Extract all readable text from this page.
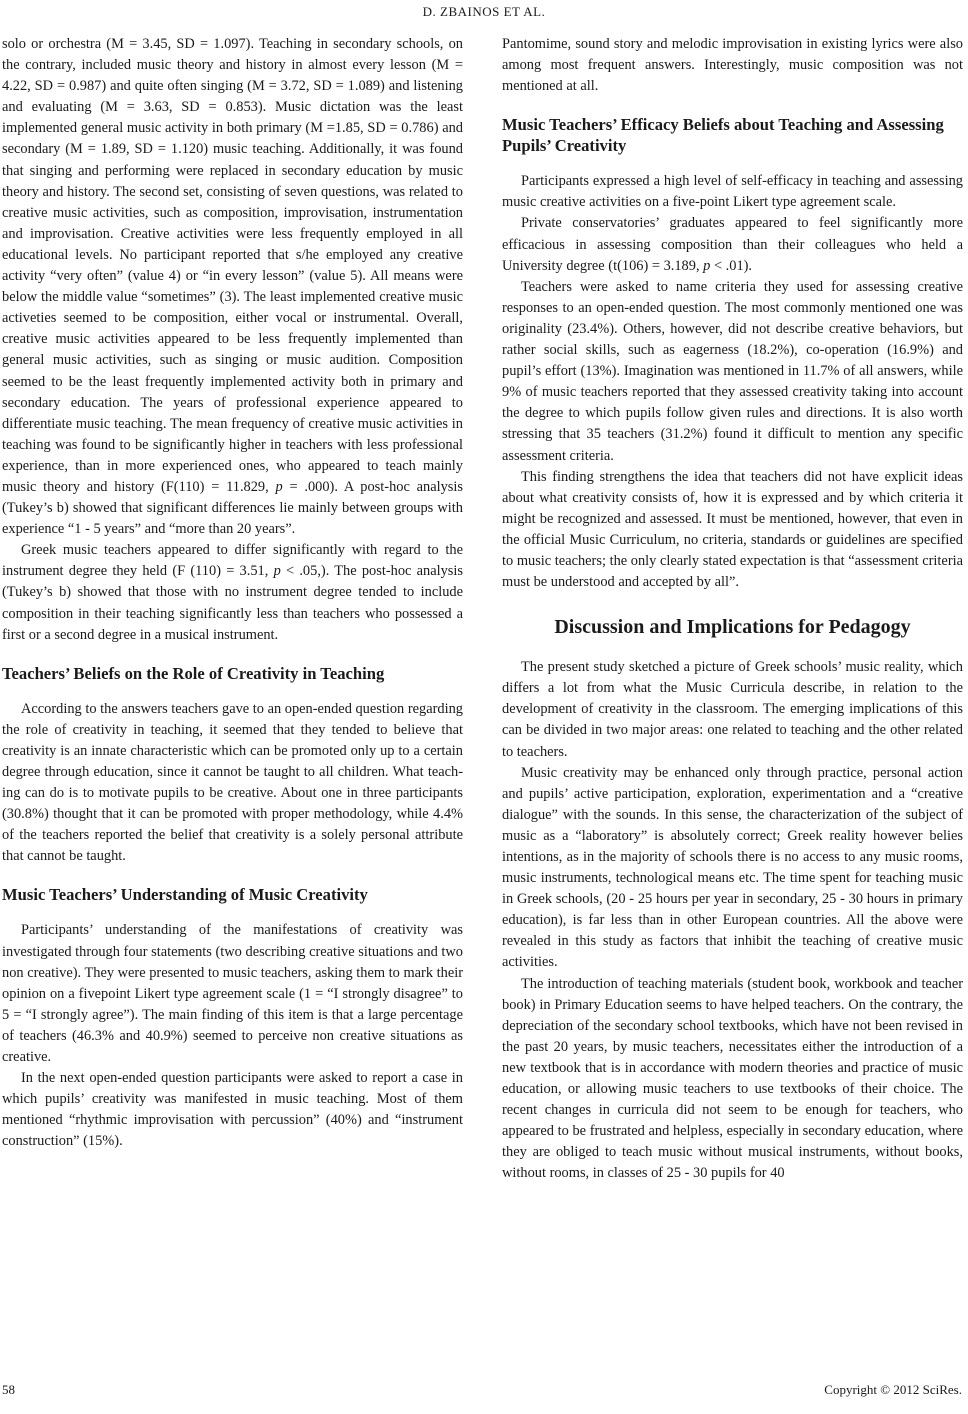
D. ZBAINOS ET AL.

solo or orchestra (M = 3.45, SD = 1.097). Teaching in secondary schools, on the contrary, included music theory and history in almost every lesson (M = 4.22, SD = 0.987) and quite often singing (M = 3.72, SD = 1.089) and listening and evaluating (M = 3.63, SD = 0.853). Music dictation was the least implemented general music activity in both primary (M =1.85, SD = 0.786) and secondary (M = 1.89, SD = 1.120) music teaching. Additionally, it was found that singing and performing were replaced in secondary education by music theory and history. The second set, consisting of seven questions, was related to creative music activities, such as composition, improvisation, instrumentation and improvisation. Creative activities were less frequently employed in all educational levels. No participant reported that s/he employed any creative activity “very often” (value 4) or “in every lesson” (value 5). All means were below the middle value “sometimes” (3). The least implemented creative music activeties seemed to be composition, either vocal or instrumental. Overall, creative music activities appeared to be less frequently implemented than general music activities, such as singing or music audition. Composition seemed to be the least frequently implemented activity both in primary and secondary education. The years of professional experience appeared to differentiate music teaching. The mean frequency of creative music activities in teaching was found to be significantly higher in teachers with less professional experience, than in more experienced ones, who appeared to teach mainly music theory and history (F(110) = 11.829, p = .000). A post-hoc analysis (Tukey’s b) showed that significant differences lie mainly between groups with experience “1 - 5 years” and “more than 20 years”.

Greek music teachers appeared to differ significantly with regard to the instrument degree they held (F (110) = 3.51, p < .05,). The post-hoc analysis (Tukey’s b) showed that those with no instrument degree tended to include composition in their teaching significantly less than teachers who possessed a first or a second degree in a musical instrument.

Teachers’ Beliefs on the Role of Creativity in Teaching

According to the answers teachers gave to an open-ended question regarding the role of creativity in teaching, it seemed that they tended to believe that creativity is an innate characteristic which can be promoted only up to a certain degree through education, since it cannot be taught to all children. What teaching can do is to motivate pupils to be creative. About one in three participants (30.8%) thought that it can be promoted with proper methodology, while 4.4% of the teachers reported the belief that creativity is a solely personal attribute that cannot be taught.

Music Teachers’ Understanding of Music Creativity

Participants’ understanding of the manifestations of creativity was investigated through four statements (two describing creative situations and two non creative). They were presented to music teachers, asking them to mark their opinion on a fivepoint Likert type agreement scale (1 = “I strongly disagree” to 5 = “I strongly agree”). The main finding of this item is that a large percentage of teachers (46.3% and 40.9%) seemed to perceive non creative situations as creative.

In the next open-ended question participants were asked to report a case in which pupils’ creativity was manifested in music teaching. Most of them mentioned “rhythmic improvisation with percussion” (40%) and “instrument construction” (15%).

Pantomime, sound story and melodic improvisation in existing lyrics were also among most frequent answers. Interestingly, music composition was not mentioned at all.

Music Teachers’ Efficacy Beliefs about Teaching and Assessing Pupils’ Creativity

Participants expressed a high level of self-efficacy in teaching and assessing music creative activities on a five-point Likert type agreement scale.

Private conservatories’ graduates appeared to feel significantly more efficacious in assessing composition than their colleagues who held a University degree (t(106) = 3.189, p < .01).

Teachers were asked to name criteria they used for assessing creative responses to an open-ended question. The most commonly mentioned one was originality (23.4%). Others, however, did not describe creative behaviors, but rather social skills, such as eagerness (18.2%), co-operation (16.9%) and pupil’s effort (13%). Imagination was mentioned in 11.7% of all answers, while 9% of music teachers reported that they assessed creativity taking into account the degree to which pupils follow given rules and directions. It is also worth stressing that 35 teachers (31.2%) found it difficult to mention any specific assessment criteria.

This finding strengthens the idea that teachers did not have explicit ideas about what creativity consists of, how it is expressed and by which criteria it might be recognized and assessed. It must be mentioned, however, that even in the official Music Curriculum, no criteria, standards or guidelines are specified to music teachers; the only clearly stated expectation is that “assessment criteria must be understood and accepted by all”.

Discussion and Implications for Pedagogy

The present study sketched a picture of Greek schools’ music reality, which differs a lot from what the Music Curricula describe, in relation to the development of creativity in the classroom. The emerging implications of this can be divided in two major areas: one related to teaching and the other related to teachers.

Music creativity may be enhanced only through practice, personal action and pupils’ active participation, exploration, experimentation and a “creative dialogue” with the sounds. In this sense, the characterization of the subject of music as a “laboratory” is absolutely correct; Greek reality however belies intentions, as in the majority of schools there is no access to any music rooms, music instruments, technological means etc. The time spent for teaching music in Greek schools, (20 - 25 hours per year in secondary, 25 - 30 hours in primary education), is far less than in other European countries. All the above were revealed in this study as factors that inhibit the teaching of creative music activities.

The introduction of teaching materials (student book, workbook and teacher book) in Primary Education seems to have helped teachers. On the contrary, the depreciation of the secondary school textbooks, which have not been revised in the past 20 years, by music teachers, necessitates either the introduction of a new textbook that is in accordance with modern theories and practice of music education, or allowing music teachers to use textbooks of their choice. The recent changes in curricula did not seem to be enough for teachers, who appeared to be frustrated and helpless, especially in secondary education, where they are obliged to teach music without musical instruments, without books, without rooms, in classes of 25 - 30 pupils for 40

58	Copyright © 2012 SciRes.
